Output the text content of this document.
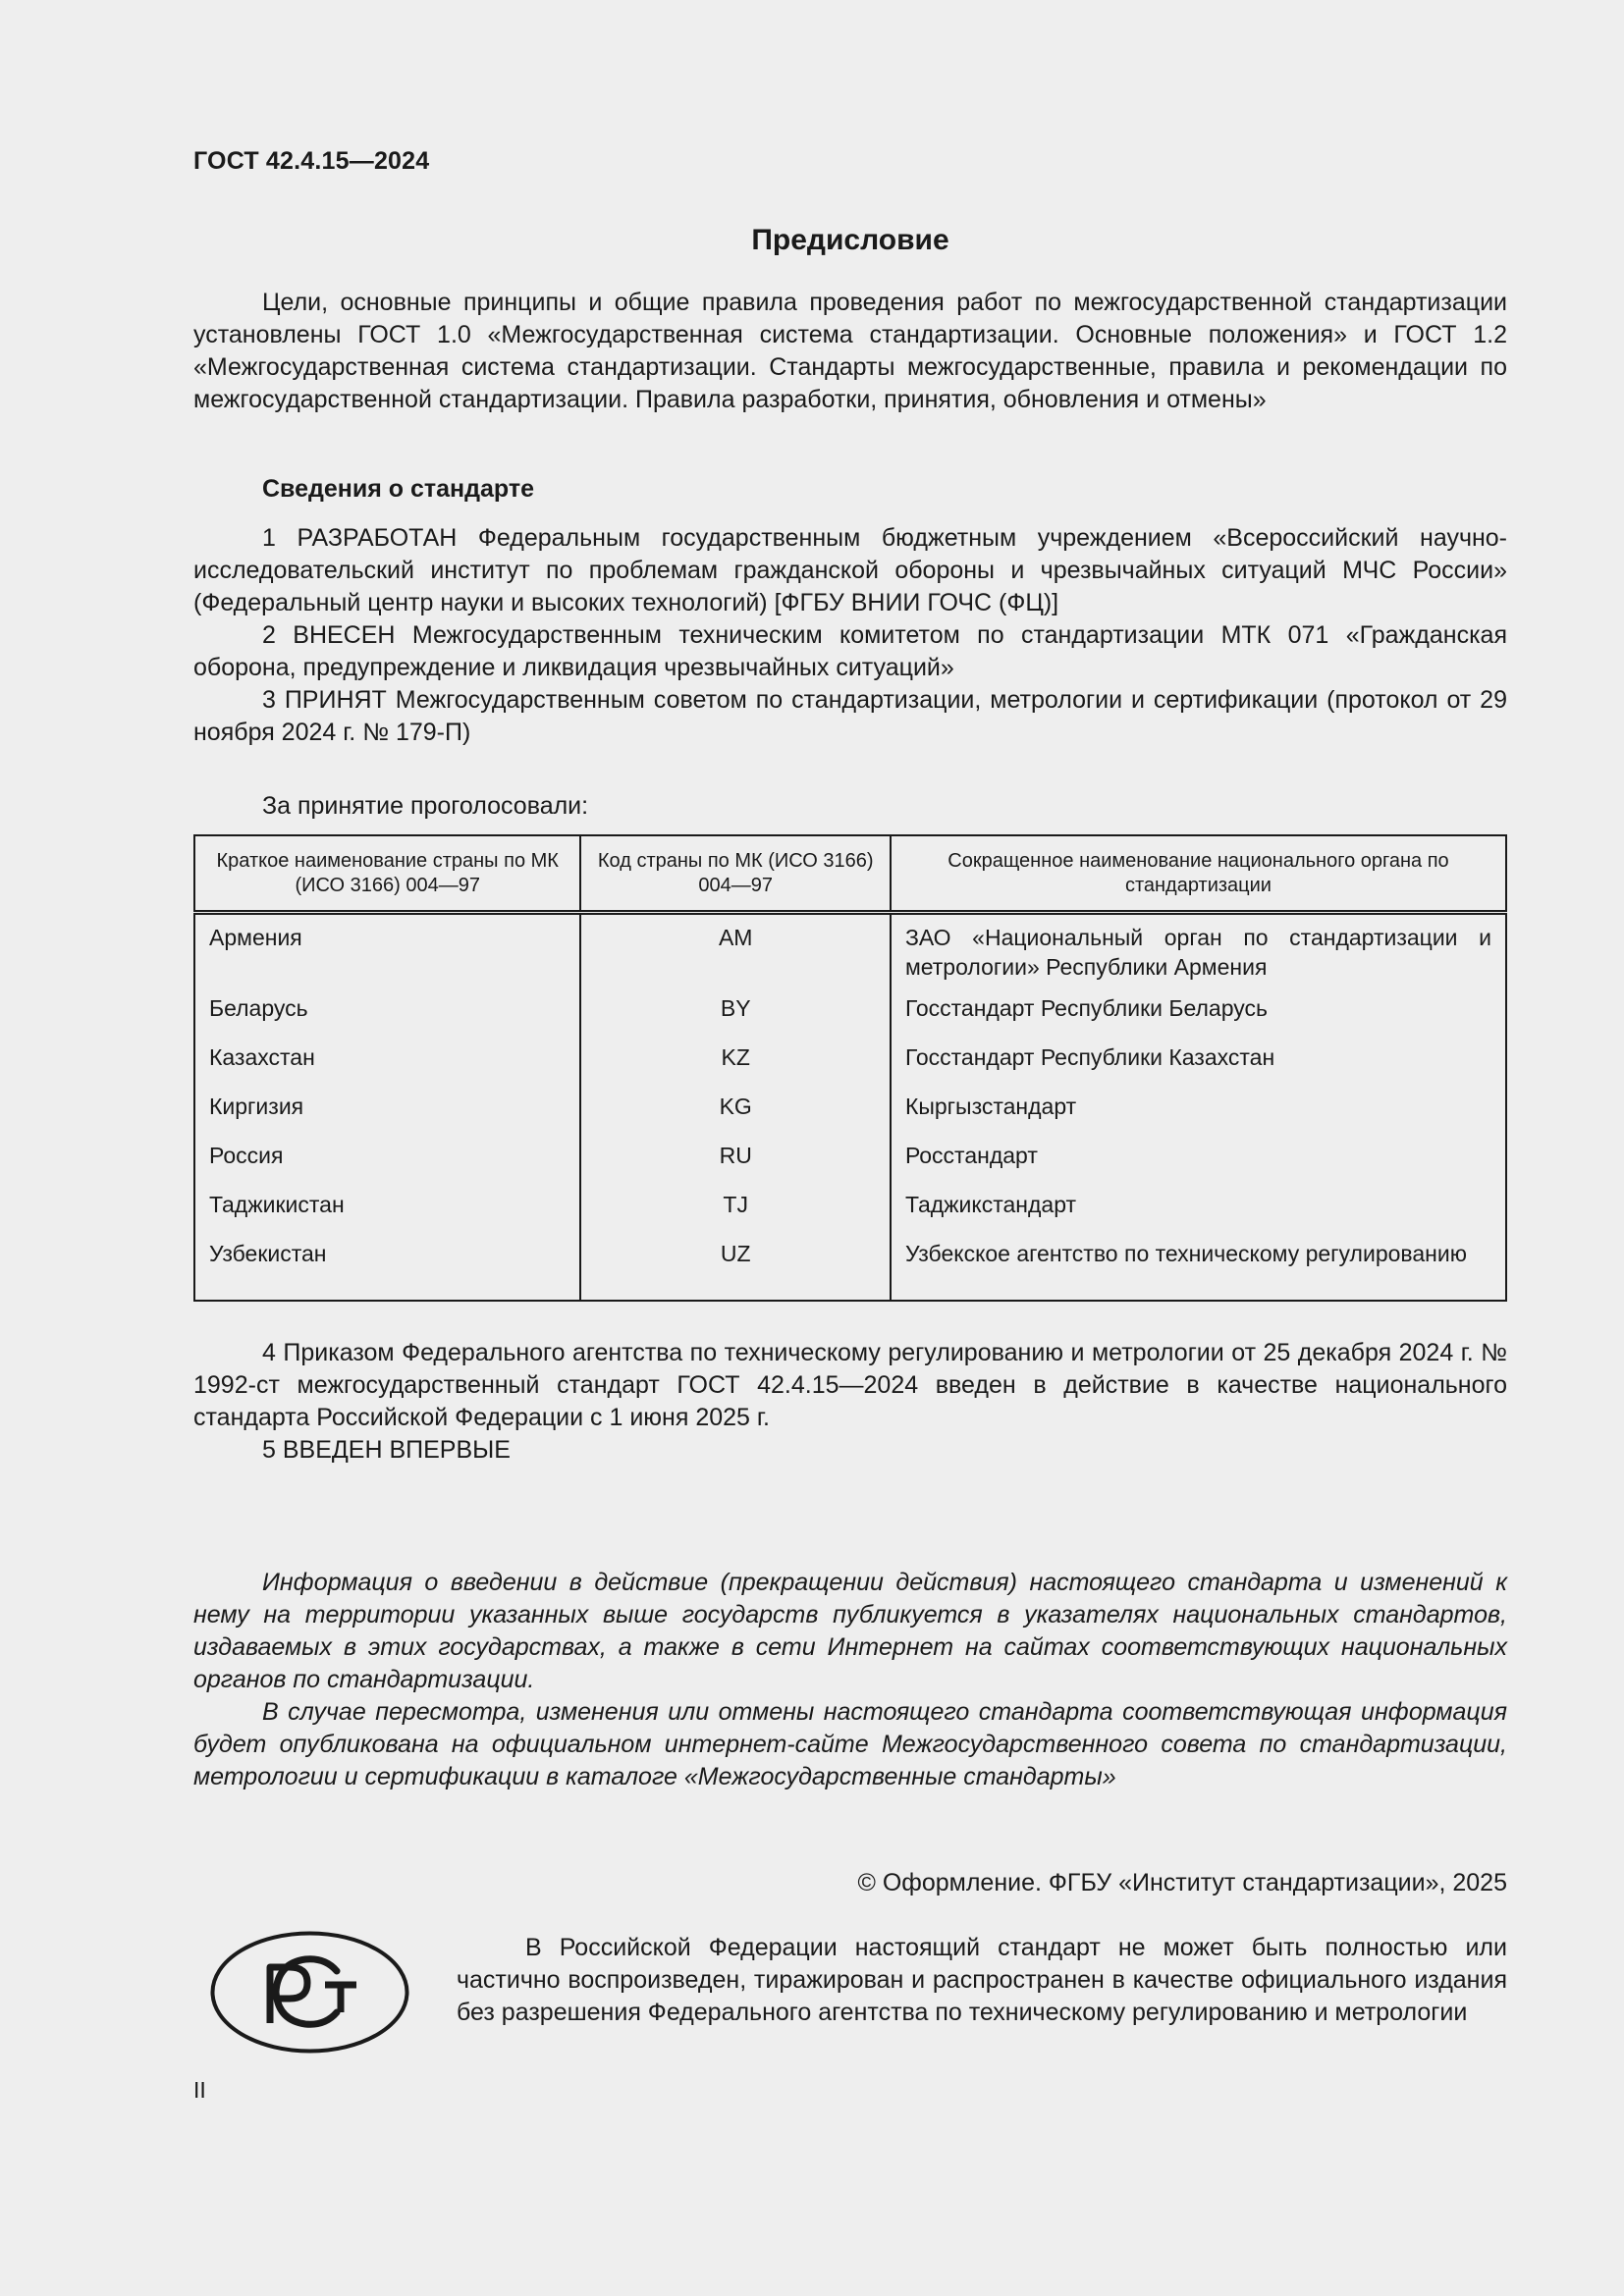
ГОСТ 42.4.15—2024
Предисловие

Цели, основные принципы и общие правила проведения работ по межгосударственной стандартизации установлены ГОСТ 1.0 «Межгосударственная система стандартизации. Основные положения» и ГОСТ 1.2 «Межгосударственная система стандартизации. Стандарты межгосударственные, правила и рекомендации по межгосударственной стандартизации. Правила разработки, принятия, обновления и отмены»

Сведения о стандарте

1 РАЗРАБОТАН Федеральным государственным бюджетным учреждением «Всероссийский научно-исследовательский институт по проблемам гражданской обороны и чрезвычайных ситуаций МЧС России» (Федеральный центр науки и высоких технологий) [ФГБУ ВНИИ ГОЧС (ФЦ)]

2 ВНЕСЕН Межгосударственным техническим комитетом по стандартизации МТК 071 «Гражданская оборона, предупреждение и ликвидация чрезвычайных ситуаций»

3 ПРИНЯТ Межгосударственным советом по стандартизации, метрологии и сертификации (протокол от 29 ноября 2024 г. № 179-П)

За принятие проголосовали:

Краткое наименование страны по МК (ИСО 3166) 004—97	Код страны по МК (ИСО 3166) 004—97	Сокращенное наименование национального органа по стандартизации
Армения	AM	ЗАО «Национальный орган по стандартизации и метрологии» Республики Армения
Беларусь	BY	Госстандарт Республики Беларусь
Казахстан	KZ	Госстандарт Республики Казахстан
Киргизия	KG	Кыргызстандарт
Россия	RU	Росстандарт
Таджикистан	TJ	Таджикстандарт
Узбекистан	UZ	Узбекское агентство по техническому регулированию

4 Приказом Федерального агентства по техническому регулированию и метрологии от 25 декабря 2024 г. № 1992-ст межгосударственный стандарт ГОСТ 42.4.15—2024 введен в действие в качестве национального стандарта Российской Федерации с 1 июня 2025 г.

5 ВВЕДЕН ВПЕРВЫЕ

Информация о введении в действие (прекращении действия) настоящего стандарта и изменений к нему на территории указанных выше государств публикуется в указателях национальных стандартов, издаваемых в этих государствах, а также в сети Интернет на сайтах соответствующих национальных органов по стандартизации.

В случае пересмотра, изменения или отмены настоящего стандарта соответствующая информация будет опубликована на официальном интернет-сайте Межгосударственного совета по стандартизации, метрологии и сертификации в каталоге «Межгосударственные стандарты»

© Оформление. ФГБУ «Институт стандартизации», 2025
В Российской Федерации настоящий стандарт не может быть полностью или частично воспроизведен, тиражирован и распространен в качестве официального издания без разрешения Федерального агентства по техническому регулированию и метрологии
II
